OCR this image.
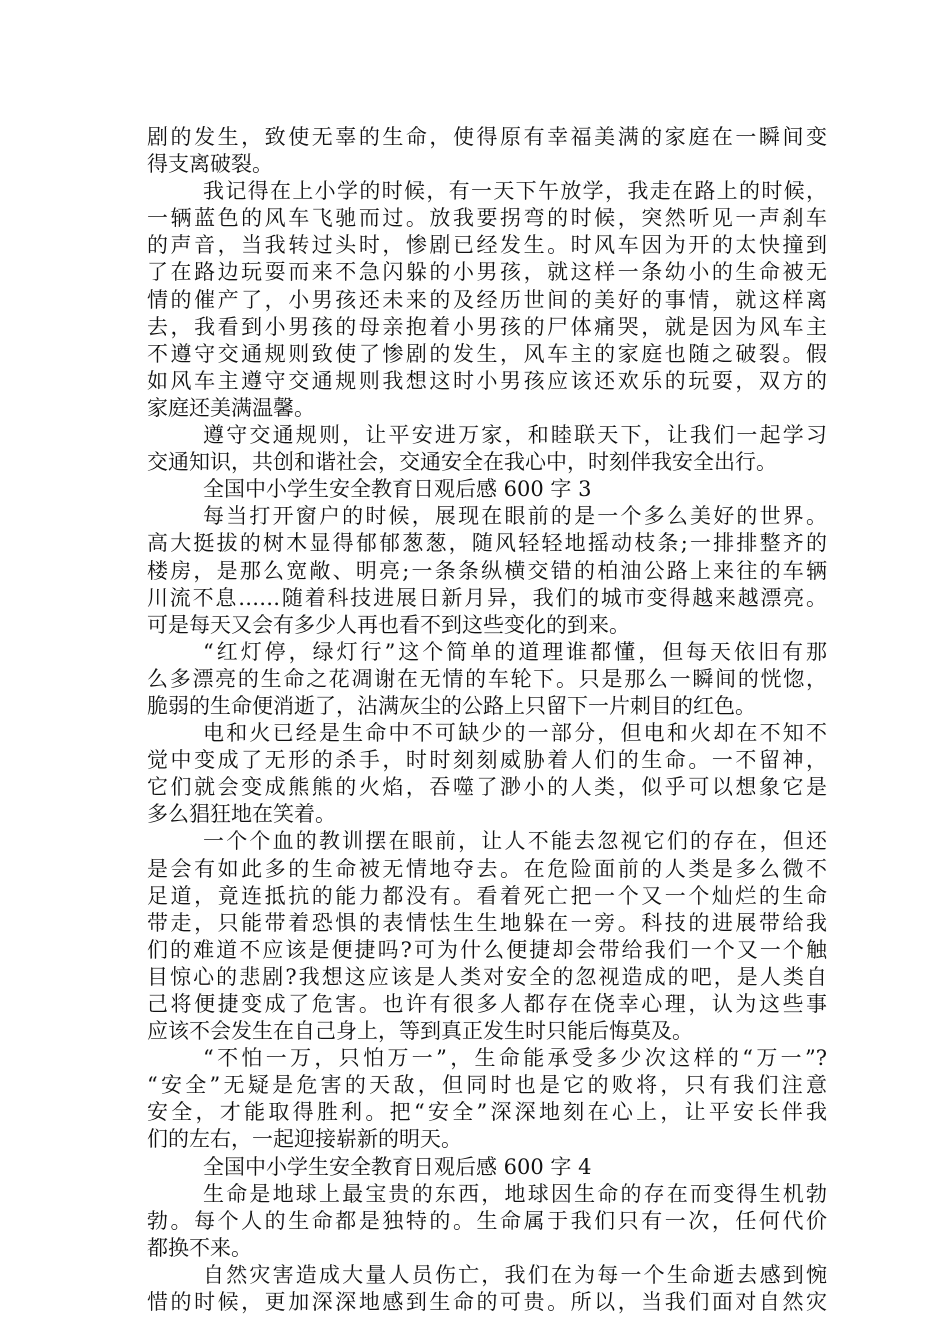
剧的发生，致使无辜的生命，使得原有幸福美满的家庭在一瞬间变
得支离破裂。
我记得在上小学的时候，有一天下午放学，我走在路上的时候，
一辆蓝色的风车飞驰而过。放我要拐弯的时候，突然听见一声刹车
的声音，当我转过头时，惨剧已经发生。时风车因为开的太快撞到
了在路边玩耍而来不急闪躲的小男孩，就这样一条幼小的生命被无
情的催产了，小男孩还未来的及经历世间的美好的事情，就这样离
去，我看到小男孩的母亲抱着小男孩的尸体痛哭，就是因为风车主
不遵守交通规则致使了惨剧的发生，风车主的家庭也随之破裂。假
如风车主遵守交通规则我想这时小男孩应该还欢乐的玩耍，双方的
家庭还美满温馨。
遵守交通规则，让平安进万家，和睦联天下，让我们一起学习
交通知识，共创和谐社会，交通安全在我心中，时刻伴我安全出行。
全国中小学生安全教育日观后感 600 字 3
每当打开窗户的时候，展现在眼前的是一个多么美好的世界。
高大挺拔的树木显得郁郁葱葱，随风轻轻地摇动枝条;一排排整齐的
楼房，是那么宽敞、明亮;一条条纵横交错的柏油公路上来往的车辆
川流不息……随着科技进展日新月异，我们的城市变得越来越漂亮。
可是每天又会有多少人再也看不到这些变化的到来。
“红灯停，绿灯行”这个简单的道理谁都懂，但每天依旧有那
么多漂亮的生命之花凋谢在无情的车轮下。只是那么一瞬间的恍惚，
脆弱的生命便消逝了，沾满灰尘的公路上只留下一片刺目的红色。
电和火已经是生命中不可缺少的一部分，但电和火却在不知不
觉中变成了无形的杀手，时时刻刻威胁着人们的生命。一不留神，
它们就会变成熊熊的火焰，吞噬了渺小的人类，似乎可以想象它是
多么猖狂地在笑着。
一个个血的教训摆在眼前，让人不能去忽视它们的存在，但还
是会有如此多的生命被无情地夺去。在危险面前的人类是多么微不
足道，竟连抵抗的能力都没有。看着死亡把一个又一个灿烂的生命
带走，只能带着恐惧的表情怯生生地躲在一旁。科技的进展带给我
们的难道不应该是便捷吗?可为什么便捷却会带给我们一个又一个触
目惊心的悲剧?我想这应该是人类对安全的忽视造成的吧，是人类自
己将便捷变成了危害。也许有很多人都存在侥幸心理，认为这些事
应该不会发生在自己身上，等到真正发生时只能后悔莫及。
“不怕一万，只怕万一”，生命能承受多少次这样的“万一”?
“安全”无疑是危害的天敌，但同时也是它的败将，只有我们注意
安全，才能取得胜利。把“安全”深深地刻在心上，让平安长伴我
们的左右，一起迎接崭新的明天。
全国中小学生安全教育日观后感 600 字 4
生命是地球上最宝贵的东西，地球因生命的存在而变得生机勃
勃。每个人的生命都是独特的。生命属于我们只有一次，任何代价
都换不来。
自然灾害造成大量人员伤亡，我们在为每一个生命逝去感到惋
惜的时候，更加深深地感到生命的可贵。所以，当我们面对自然灾
